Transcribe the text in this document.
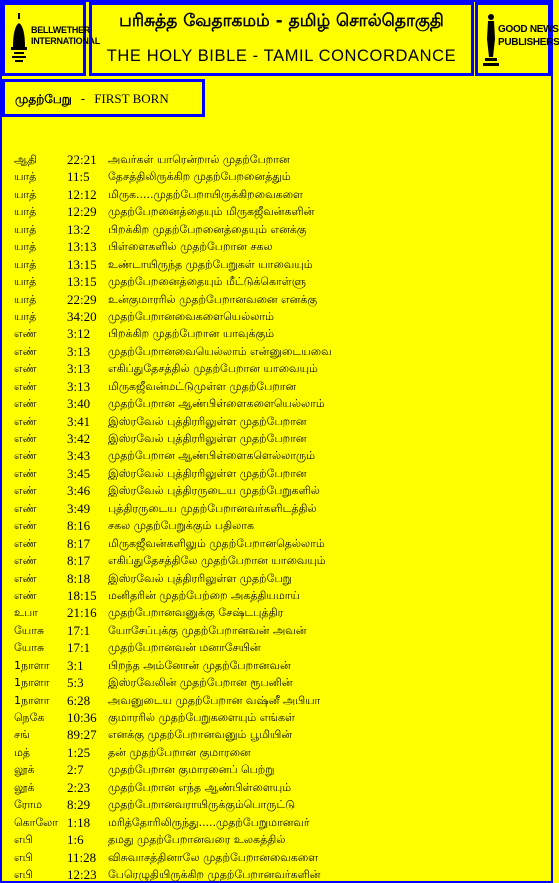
BELLWETHER
INTERNATIONAL
பரிசுத்த வேதாகமம் - தமிழ் சொல்தொகுதி
THE HOLY BIBLE - TAMIL CONCORDANCE
GOOD NEWS
PUBLISHERS
முதற்பேறு - FIRST BORN
ஆதி 22:21 அவர்கள் யாரென்றால் முதற்பேறான
யாத் 11:5 தேசத்திலிருக்கிற முதற்பேறனைத்தும்
யாத் 12:12 மிருக.....முதற்பேறாயிருக்கிறவைகளை
யாத் 12:29 முதற்பேறனைத்தையும் மிருகஜீவன்களின்
யாத் 13:2 பிறக்கிற முதற்பேறனைத்தையும் எனக்கு
யாத் 13:13 பிள்ளைகளில் முதற்பேறான சகல
யாத் 13:15 உண்டாயிருந்த முதற்பேறுகள் யாவையும்
யாத் 13:15 முதற்பேறனைத்தையும் மீட்டுக்கொள்ளு
யாத் 22:29 உன்குமாரரில் முதற்பேறானவனை எனக்கு
யாத் 34:20 முதற்பேறானவைகளையெல்லாம்
எண் 3:12 பிறக்கிற முதற்பேறான யாவுக்கும்
எண் 3:13 முதற்பேறானவையெல்லாம் என்னுடையவை
எண் 3:13 எகிப்துதேசத்தில் முதற்பேறான யாவையும்
எண் 3:13 மிருகஜீவன்மட்டுமுள்ள முதற்பேறான
எண் 3:40 முதற்பேறான ஆண்பிள்ளைகளையெல்லாம்
எண் 3:41 இஸ்ரவேல் புத்திரரிலுள்ள முதற்பேறான
எண் 3:42 இஸ்ரவேல் புத்திரரிலுள்ள முதற்பேறான
எண் 3:43 முதற்பேறான ஆண்பிள்ளைகளெல்லாரும்
எண் 3:45 இஸ்ரவேல் புத்திரரிலுள்ள முதற்பேறான
எண் 3:46 இஸ்ரவேல் புத்திரருடைய முதற்பேறுகளில்
எண் 3:49 புத்திரருடைய முதற்பேறானவர்களிடத்தில்
எண் 8:16 சகல முதற்பேறுக்கும் பதிலாக
எண் 8:17 மிருகஜீவன்களிலும் முதற்பேறானதெல்லாம்
எண் 8:17 எகிப்துதேசத்திலே முதற்பேறான யாவையும்
எண் 8:18 இஸ்ரவேல் புத்திரரிலுள்ள முதற்பேறு
எண் 18:15 மனிதரின் முதற்பேற்றை அகத்தியமாய்
உபா 21:16 முதற்பேறானவனுக்கு சேஷ்டபுத்திர
யோசு 17:1 யோசேப்புக்கு முதற்பேறானவன் அவன்
யோசு 17:1 முதற்பேறானவன் மனாசேயின்
1நாளா 3:1 பிறந்த அம்னோன் முதற்பேறானவன்
1நாளா 5:3 இஸ்ரவேலின் முதற்பேறான ரூபனின்
1நாளா 6:28 அவனுடைய முதற்பேறான வஷ்னீ அபியா
நெகே 10:36 குமாரரில் முதற்பேறுகளையும் எங்கள்
சங்	89:27 எனக்கு முதற்பேறானவனும் பூமியின்
மத்	1:25 தன் முதற்பேறான குமாரனை
லூக்	2:7 முதற்பேறான குமாரனைப் பெற்று
லூக்	2:23 முதற்பேறான எந்த ஆண்பிள்ளையும்
ரோம 8:29 முதற்பேறானவராயிருக்கும்பொருட்டு
கொலோ 1:18 மரித்தோரிலிருந்து.....முதற்பேறுமானவர்
எபி	1:6 தமது முதற்பேறானவரை உலகத்தில்
எபி	11:28 விசுவாசத்தினாலே முதற்பேறானவைகளை
எபி	12:23 பேரெழுதியிருக்கிற முதற்பேறானவர்களின்
